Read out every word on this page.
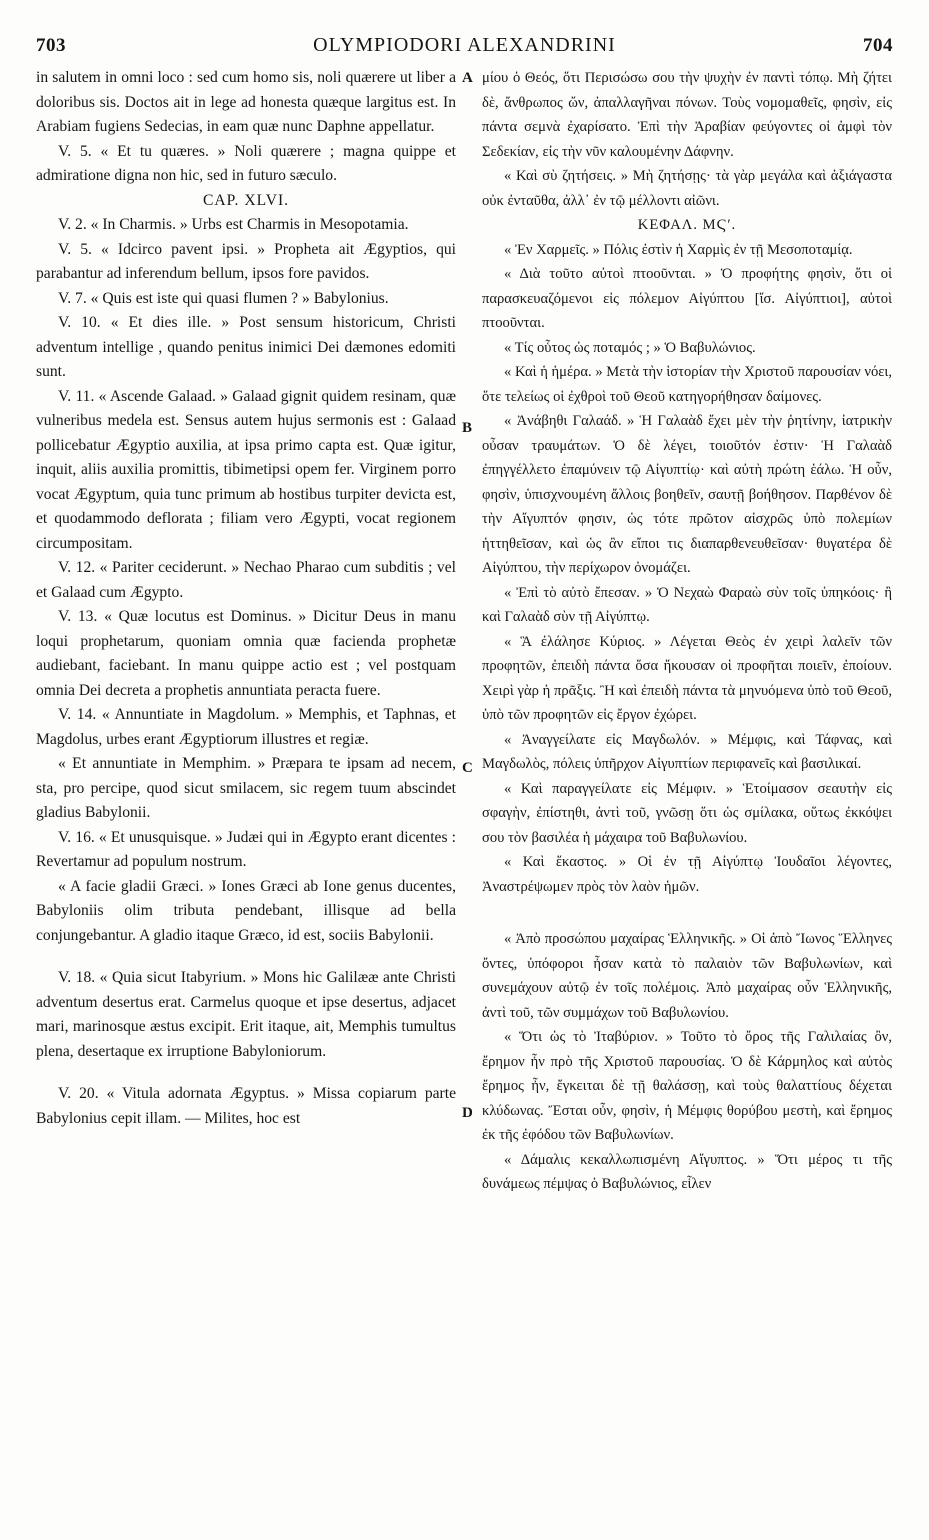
703	OLYMPIODORI ALEXANDRINI	704
A
B
C
D

in salutem in omni loco : sed cum homo sis, noli quærere ut liber a doloribus sis. Doctos ait in lege ad honesta quæque largitus est. In Arabiam fugiens Sedecias, in eam quæ nunc Daphne appellatur.

V. 5. « Et tu quæres. » Noli quærere ; magna quippe et admiratione digna non hic, sed in futuro sæculo.

CAP. XLVI.

V. 2. « In Charmis. » Urbs est Charmis in Mesopotamia.

V. 5. « Idcirco pavent ipsi. » Propheta ait Ægyptios, qui parabantur ad inferendum bellum, ipsos fore pavidos.

V. 7. « Quis est iste qui quasi flumen ? » Babylonius.

V. 10. « Et dies ille. » Post sensum historicum, Christi adventum intellige , quando penitus inimici Dei dæmones edomiti sunt.

V. 11. « Ascende Galaad. » Galaad gignit quidem resinam, quæ vulneribus medela est. Sensus autem hujus sermonis est : Galaad pollicebatur Ægyptio auxilia, at ipsa primo capta est. Quæ igitur, inquit, aliis auxilia promittis, tibimetipsi opem fer. Virginem porro vocat Ægyptum, quia tunc primum ab hostibus turpiter devicta est, et quodammodo deflorata ; filiam vero Ægypti, vocat regionem circumpositam.

V. 12. « Pariter ceciderunt. » Nechao Pharao cum subditis ; vel et Galaad cum Ægypto.

V. 13. « Quæ locutus est Dominus. » Dicitur Deus in manu loqui prophetarum, quoniam omnia quæ facienda prophetæ audiebant, faciebant. In manu quippe actio est ; vel postquam omnia Dei decreta a prophetis annuntiata peracta fuere.

V. 14. « Annuntiate in Magdolum. » Memphis, et Taphnas, et Magdolus, urbes erant Ægyptiorum illustres et regiæ.

« Et annuntiate in Memphim. » Præpara te ipsam ad necem, sta, pro percipe, quod sicut smilacem, sic regem tuum abscindet gladius Babylonii.

V. 16. « Et unusquisque. » Judæi qui in Ægypto erant dicentes : Revertamur ad populum nostrum.

« A facie gladii Græci. » Iones Græci ab Ione genus ducentes, Babyloniis olim tributa pendebant, illisque ad bella conjungebantur. A gladio itaque Græco, id est, sociis Babylonii.

V. 18. « Quia sicut Itabyrium. » Mons hic Galilææ ante Christi adventum desertus erat. Carmelus quoque et ipse desertus, adjacet mari, marinosque æstus excipit. Erit itaque, ait, Memphis tumultus plena, desertaque ex irruptione Babyloniorum.

V. 20. « Vitula adornata Ægyptus. » Missa copiarum parte Babylonius cepit illam. — Milites, hoc est

μίου ὁ Θεός, ὅτι Περισώσω σου τὴν ψυχὴν ἐν παντὶ τόπῳ. Μὴ ζήτει δὲ, ἄνθρωπος ὤν, ἀπαλλαγῆναι πόνων. Τοὺς νομομαθεῖς, φησὶν, εἰς πάντα σεμνὰ ἐχαρίσατο. Ἐπὶ τὴν Ἀραβίαν φεύγοντες οἱ ἀμφὶ τὸν Σεδεκίαν, εἰς τὴν νῦν καλουμένην Δάφνην.

« Καὶ σὺ ζητήσεις. » Μὴ ζητήσῃς· τὰ γὰρ μεγάλα καὶ ἀξιάγαστα οὐκ ἐνταῦθα, ἀλλ᾽ ἐν τῷ μέλλοντι αἰῶνι.

ΚΕΦΑΛ. ΜϚʹ.

« Ἐν Χαρμεῖς. » Πόλις ἐστὶν ἡ Χαρμὶς ἐν τῇ Μεσοποταμίᾳ.

« Διὰ τοῦτο αὐτοὶ πτοοῦνται. » Ὁ προφήτης φησὶν, ὅτι οἱ παρασκευαζόμενοι εἰς πόλεμον Αἰγύπτου [ἴσ. Αἰγύπτιοι], αὐτοὶ πτοοῦνται.

« Τίς οὗτος ὡς ποταμός ; » Ὁ Βαβυλώνιος.

« Καὶ ἡ ἡμέρα. » Μετὰ τὴν ἱστορίαν τὴν Χριστοῦ παρουσίαν νόει, ὅτε τελείως οἱ ἐχθροὶ τοῦ Θεοῦ κατηγορήθησαν δαίμονες.

« Ἀνάβηθι Γαλαάδ. » Ἡ Γαλαὰδ ἔχει μὲν τὴν ῥητίνην, ἰατρικὴν οὖσαν τραυμάτων. Ὁ δὲ λέγει, τοιοῦτόν ἐστιν· Ἡ Γαλαὰδ ἐπηγγέλλετο ἐπαμύνειν τῷ Αἰγυπτίῳ· καὶ αὐτὴ πρώτη ἑάλω. Ἡ οὖν, φησὶν, ὑπισχνουμένη ἄλλοις βοηθεῖν, σαυτῇ βοήθησον. Παρθένον δὲ τὴν Αἴγυπτόν φησιν, ὡς τότε πρῶτον αἰσχρῶς ὑπὸ πολεμίων ἡττηθεῖσαν, καὶ ὡς ἂν εἴποι τις διαπαρθενευθεῖσαν· θυγατέρα δὲ Αἰγύπτου, τὴν περίχωρον ὀνομάζει.

« Ἐπὶ τὸ αὐτὸ ἔπεσαν. » Ὁ Νεχαὼ Φαραὼ σὺν τοῖς ὑπηκόοις· ἢ καὶ Γαλαὰδ σὺν τῇ Αἰγύπτῳ.

« Ἃ ἐλάλησε Κύριος. » Λέγεται Θεὸς ἐν χειρὶ λαλεῖν τῶν προφητῶν, ἐπειδὴ πάντα ὅσα ἤκουσαν οἱ προφῆται ποιεῖν, ἐποίουν. Χειρὶ γὰρ ἡ πρᾶξις. Ἢ καὶ ἐπειδὴ πάντα τὰ μηνυόμενα ὑπὸ τοῦ Θεοῦ, ὑπὸ τῶν προφητῶν εἰς ἔργον ἐχώρει.

« Ἀναγγείλατε εἰς Μαγδωλόν. » Μέμφις, καὶ Τάφνας, καὶ Μαγδωλὸς, πόλεις ὑπῆρχον Αἰγυπτίων περιφανεῖς καὶ βασιλικαί.

« Καὶ παραγγείλατε εἰς Μέμφιν. » Ἑτοίμασον σεαυτὴν εἰς σφαγὴν, ἐπίστηθι, ἀντὶ τοῦ, γνῶσῃ ὅτι ὡς σμίλακα, οὕτως ἐκκόψει σου τὸν βασιλέα ἡ μάχαιρα τοῦ Βαβυλωνίου.

« Καὶ ἕκαστος. » Οἱ ἐν τῇ Αἰγύπτῳ Ἰουδαῖοι λέγοντες, Ἀναστρέψωμεν πρὸς τὸν λαὸν ἡμῶν.

« Ἀπὸ προσώπου μαχαίρας Ἑλληνικῆς. » Οἱ ἀπὸ Ἴωνος Ἕλληνες ὄντες, ὑπόφοροι ἦσαν κατὰ τὸ παλαιὸν τῶν Βαβυλωνίων, καὶ συνεμάχουν αὐτῷ ἐν τοῖς πολέμοις. Ἀπὸ μαχαίρας οὖν Ἑλληνικῆς, ἀντὶ τοῦ, τῶν συμμάχων τοῦ Βαβυλωνίου.

« Ὅτι ὡς τὸ Ἰταβύριον. » Τοῦτο τὸ ὄρος τῆς Γαλιλαίας ὂν, ἔρημον ἦν πρὸ τῆς Χριστοῦ παρουσίας. Ὁ δὲ Κάρμηλος καὶ αὐτὸς ἔρημος ἦν, ἔγκειται δὲ τῇ θαλάσσῃ, καὶ τοὺς θαλαττίους δέχεται κλύδωνας. Ἔσται οὖν, φησὶν, ἡ Μέμφις θορύβου μεστὴ, καὶ ἔρημος ἐκ τῆς ἐφόδου τῶν Βαβυλωνίων.

« Δάμαλις κεκαλλωπισμένη Αἴγυπτος. » Ὅτι μέρος τι τῆς δυνάμεως πέμψας ὁ Βαβυλώνιος, εἷλεν
